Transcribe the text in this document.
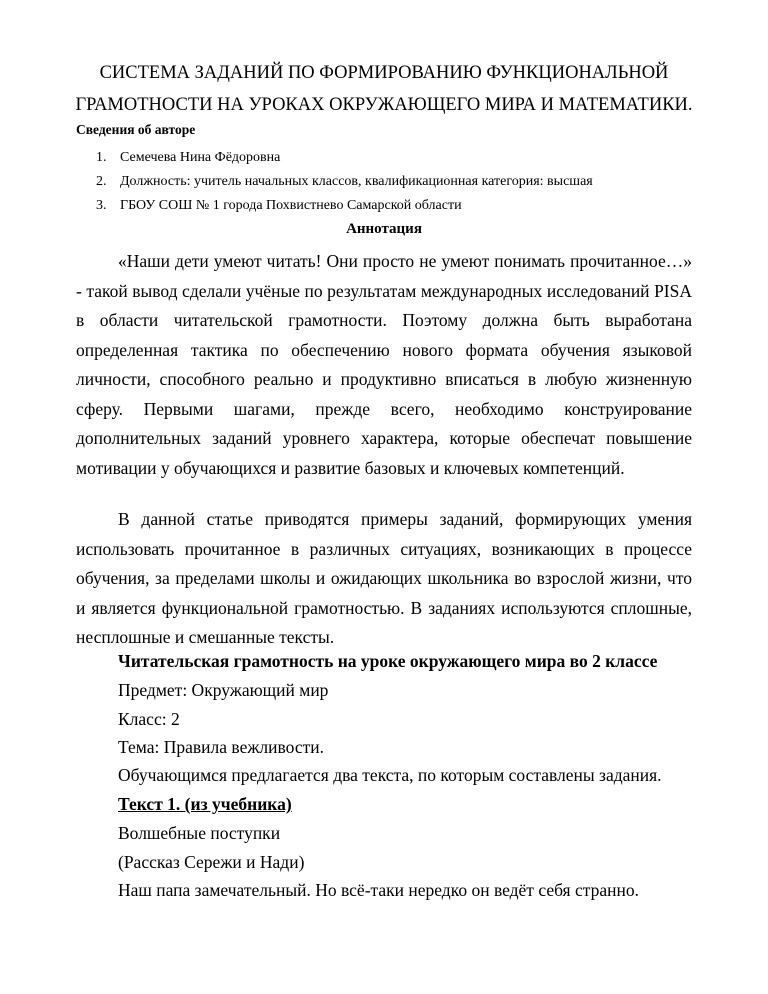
СИСТЕМА ЗАДАНИЙ ПО ФОРМИРОВАНИЮ ФУНКЦИОНАЛЬНОЙ
ГРАМОТНОСТИ НА УРОКАХ ОКРУЖАЮЩЕГО МИРА И МАТЕМАТИКИ.
Сведения об авторе
1. Семечева Нина Фёдоровна
2. Должность: учитель начальных классов, квалификационная категория: высшая
3. ГБОУ СОШ № 1 города Похвистнево Самарской области
Аннотация

«Наши дети умеют читать! Они просто не умеют понимать прочитанное…» - такой вывод сделали учёные по результатам международных исследований PISA в области читательской грамотности. Поэтому должна быть выработана определенная тактика по обеспечению нового формата обучения языковой личности, способного реально и продуктивно вписаться в любую жизненную сферу. Первыми шагами, прежде всего, необходимо конструирование дополнительных заданий уровнего характера, которые обеспечат повышение мотивации у обучающихся и развитие базовых и ключевых компетенций.

В данной статье приводятся примеры заданий, формирующих умения использовать прочитанное в различных ситуациях, возникающих в процессе обучения, за пределами школы и ожидающих школьника во взрослой жизни, что и является функциональной грамотностью. В заданиях используются сплошные, несплошные и смешанные тексты.

Читательская грамотность на уроке окружающего мира во 2 классе
Предмет: Окружающий мир
Класс: 2
Тема: Правила вежливости.
Обучающимся предлагается два текста, по которым составлены задания.
Текст 1. (из учебника)
Волшебные поступки
(Рассказ Сережи и Нади)
Наш папа замечательный. Но всё-таки нередко он ведёт себя странно.
